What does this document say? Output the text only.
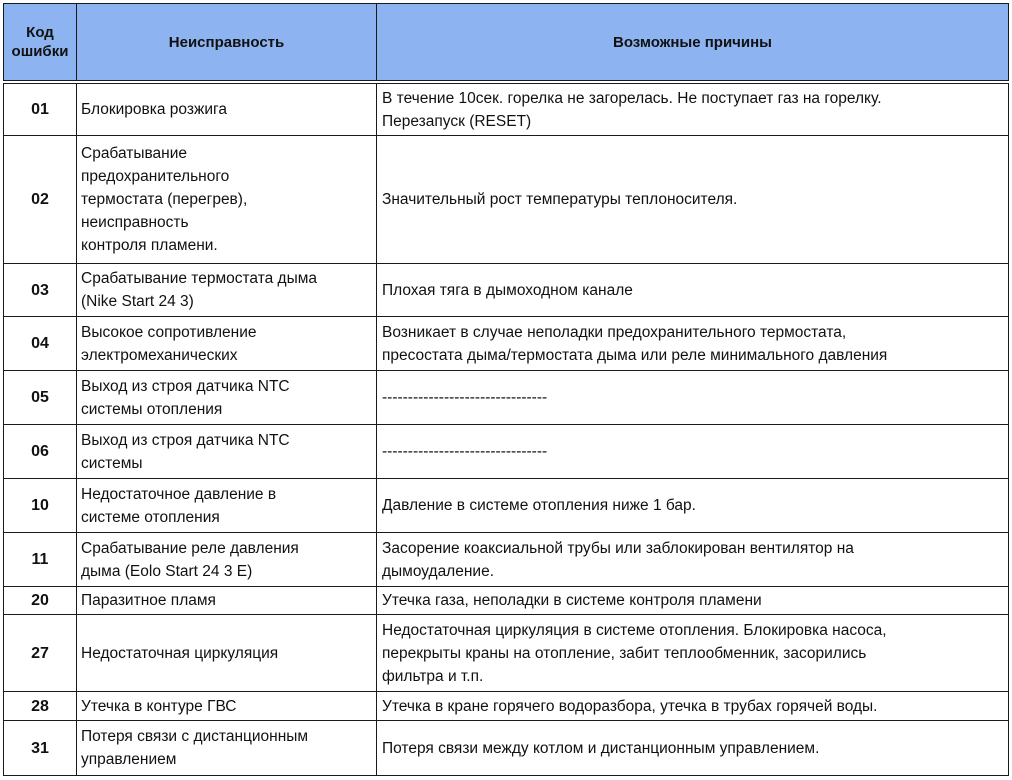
Код
ошибки	Неисправность	Возможные причины

01	Блокировка розжига	В течение 10сек. горелка не загорелась. Не поступает газ на горелку.
Перезапуск (RESET)

02	Срабатывание
предохранительного
термостата (перегрев),
неисправность
контроля пламени.	Значительный рост температуры теплоносителя.

03	Срабатывание термостата дыма
(Nike Start 24 3)	Плохая тяга в дымоходном канале

04	Высокое сопротивление
электромеханических	Возникает в случае неполадки предохранительного термостата,
пресостата дыма/термостата дыма или реле минимального давления

05	Выход из строя датчика NTC
системы отопления	--------------------------------

06	Выход из строя датчика NTC
системы	--------------------------------

10	Недостаточное давление в
системе отопления	Давление в системе отопления ниже 1 бар.

11	Срабатывание реле давления
дыма (Eolo Start 24 3 E)	Засорение коаксиальной трубы или заблокирован вентилятор на
дымоудаление.

20	Паразитное пламя	Утечка газа, неполадки в системе контроля пламени

27	Недостаточная циркуляция	Недостаточная циркуляция в системе отопления. Блокировка насоса,
перекрыты краны на отопление, забит теплообменник, засорились
фильтра и т.п.

28	Утечка в контуре ГВС	Утечка в кране горячего водоразбора, утечка в трубах горячей воды.

31	Потеря связи с дистанционным
управлением	Потеря связи между котлом и дистанционным управлением.
